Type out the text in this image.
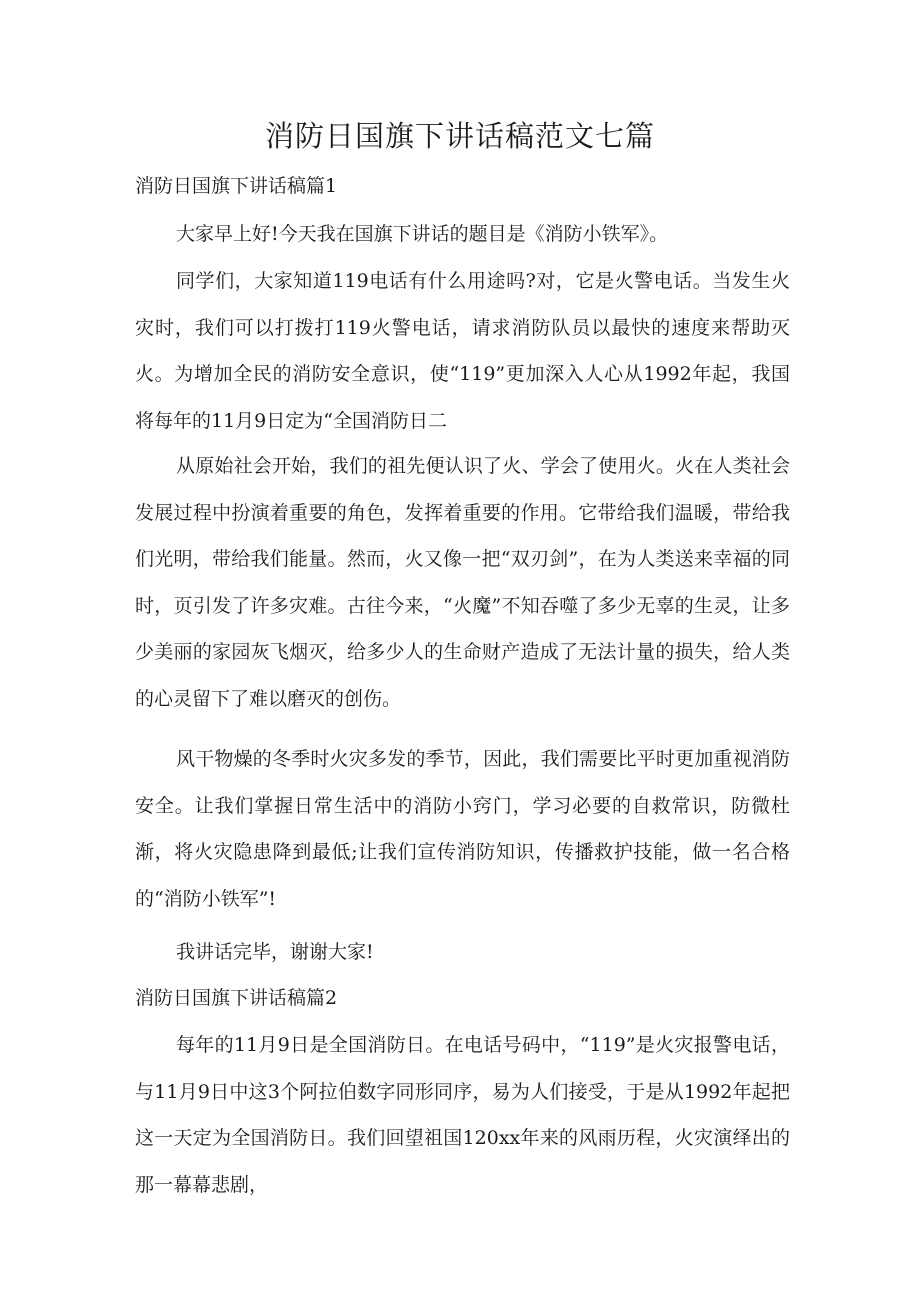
消防日国旗下讲话稿范文七篇
消防日国旗下讲话稿篇1

大家早上好!今天我在国旗下讲话的题目是《消防小铁军》。

同学们，大家知道119电话有什么用途吗?对，它是火警电话。当发生火灾时，我们可以打拨打119火警电话，请求消防队员以最快的速度来帮助灭火。为增加全民的消防安全意识，使“119”更加深入人心从1992年起，我国将每年的11月9日定为“全国消防日二

从原始社会开始，我们的祖先便认识了火、学会了使用火。火在人类社会发展过程中扮演着重要的角色，发挥着重要的作用。它带给我们温暖，带给我们光明，带给我们能量。然而，火又像一把“双刃剑”，在为人类送来幸福的同时，页引发了许多灾难。古往今来，“火魔”不知吞噬了多少无辜的生灵，让多少美丽的家园灰飞烟灭，给多少人的生命财产造成了无法计量的损失，给人类的心灵留下了难以磨灭的创伤。

风干物燥的冬季时火灾多发的季节，因此，我们需要比平时更加重视消防安全。让我们掌握日常生活中的消防小窍门，学习必要的自救常识，防微杜渐，将火灾隐患降到最低;让我们宣传消防知识，传播救护技能，做一名合格的“消防小铁军”!

我讲话完毕，谢谢大家!

消防日国旗下讲话稿篇2

每年的11月9日是全国消防日。在电话号码中，“119”是火灾报警电话，与11月9日中这3个阿拉伯数字同形同序，易为人们接受，于是从1992年起把这一天定为全国消防日。我们回望祖国120xx年来的风雨历程，火灾演绎出的那一幕幕悲剧，
